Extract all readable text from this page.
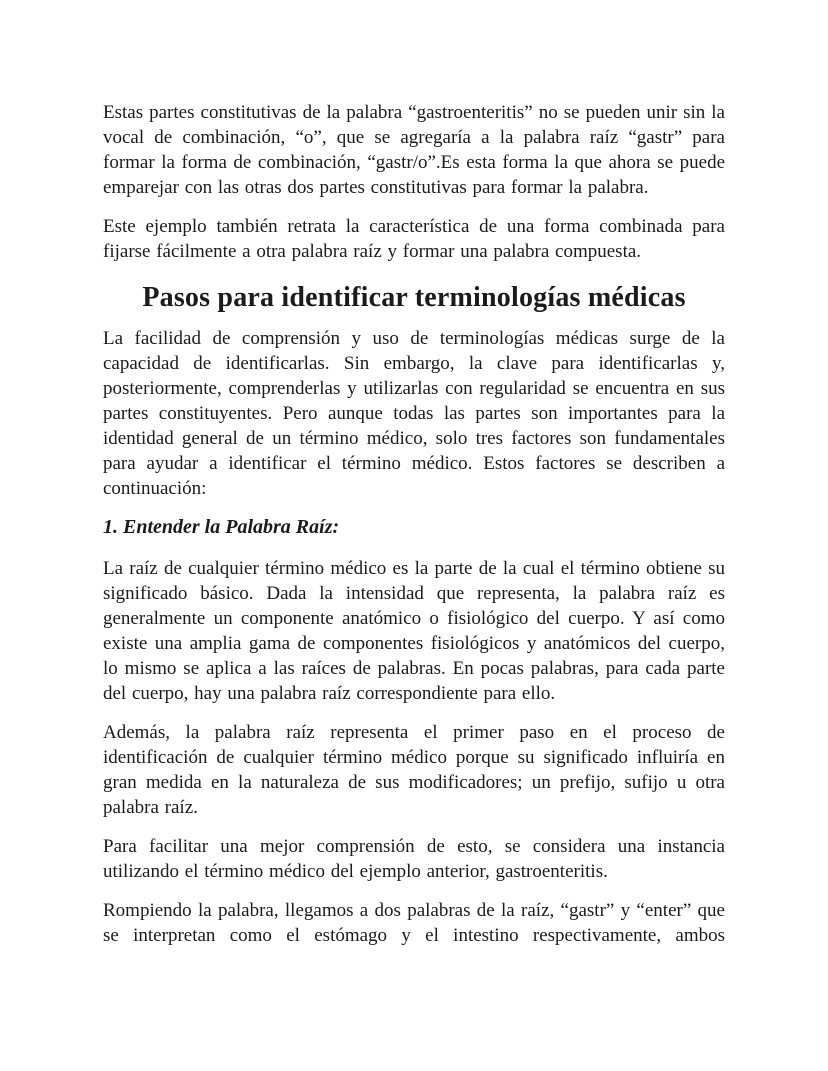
Estas partes constitutivas de la palabra “gastroenteritis” no se pueden unir sin la vocal de combinación, “o”, que se agregaría a la palabra raíz “gastr” para formar la forma de combinación, “gastr/o”.Es esta forma la que ahora se puede emparejar con las otras dos partes constitutivas para formar la palabra.

Este ejemplo también retrata la característica de una forma combinada para fijarse fácilmente a otra palabra raíz y formar una palabra compuesta.

Pasos para identificar terminologías médicas

La facilidad de comprensión y uso de terminologías médicas surge de la capacidad de identificarlas. Sin embargo, la clave para identificarlas y, posteriormente, comprenderlas y utilizarlas con regularidad se encuentra en sus partes constituyentes. Pero aunque todas las partes son importantes para la identidad general de un término médico, solo tres factores son fundamentales para ayudar a identificar el término médico. Estos factores se describen a continuación:

1. Entender la Palabra Raíz:

La raíz de cualquier término médico es la parte de la cual el término obtiene su significado básico. Dada la intensidad que representa, la palabra raíz es generalmente un componente anatómico o fisiológico del cuerpo. Y así como existe una amplia gama de componentes fisiológicos y anatómicos del cuerpo, lo mismo se aplica a las raíces de palabras. En pocas palabras, para cada parte del cuerpo, hay una palabra raíz correspondiente para ello.

Además, la palabra raíz representa el primer paso en el proceso de identificación de cualquier término médico porque su significado influiría en gran medida en la naturaleza de sus modificadores; un prefijo, sufijo u otra palabra raíz.

Para facilitar una mejor comprensión de esto, se considera una instancia utilizando el término médico del ejemplo anterior, gastroenteritis.

Rompiendo la palabra, llegamos a dos palabras de la raíz, “gastr” y “enter” que se interpretan como el estómago y el intestino respectivamente, ambos
